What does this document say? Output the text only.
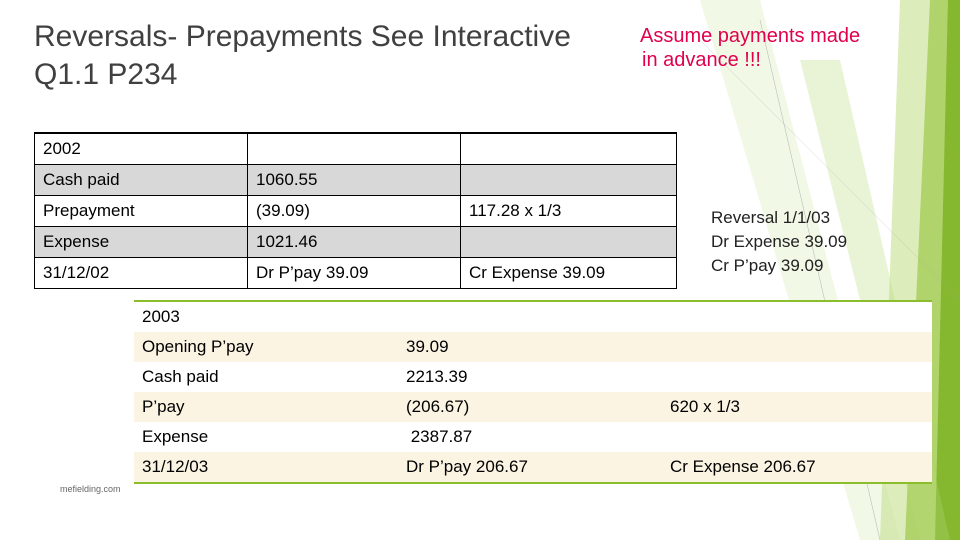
Reversals- Prepayments See Interactive
Q1.1 P234
Assume payments made
in advance !!!
2002		
Cash paid	1060.55	
Prepayment	(39.09)	117.28 x 1/3
Expense	1021.46	
31/12/02	Dr P’pay 39.09	Cr Expense 39.09
Reversal 1/1/03
Dr Expense 39.09
Cr P’pay 39.09
2003		
Opening P’pay	39.09	
Cash paid	2213.39	
P’pay	(206.67)	620 x 1/3
Expense	2387.87	
31/12/03	Dr P’pay 206.67	Cr Expense 206.67
mefielding.com
